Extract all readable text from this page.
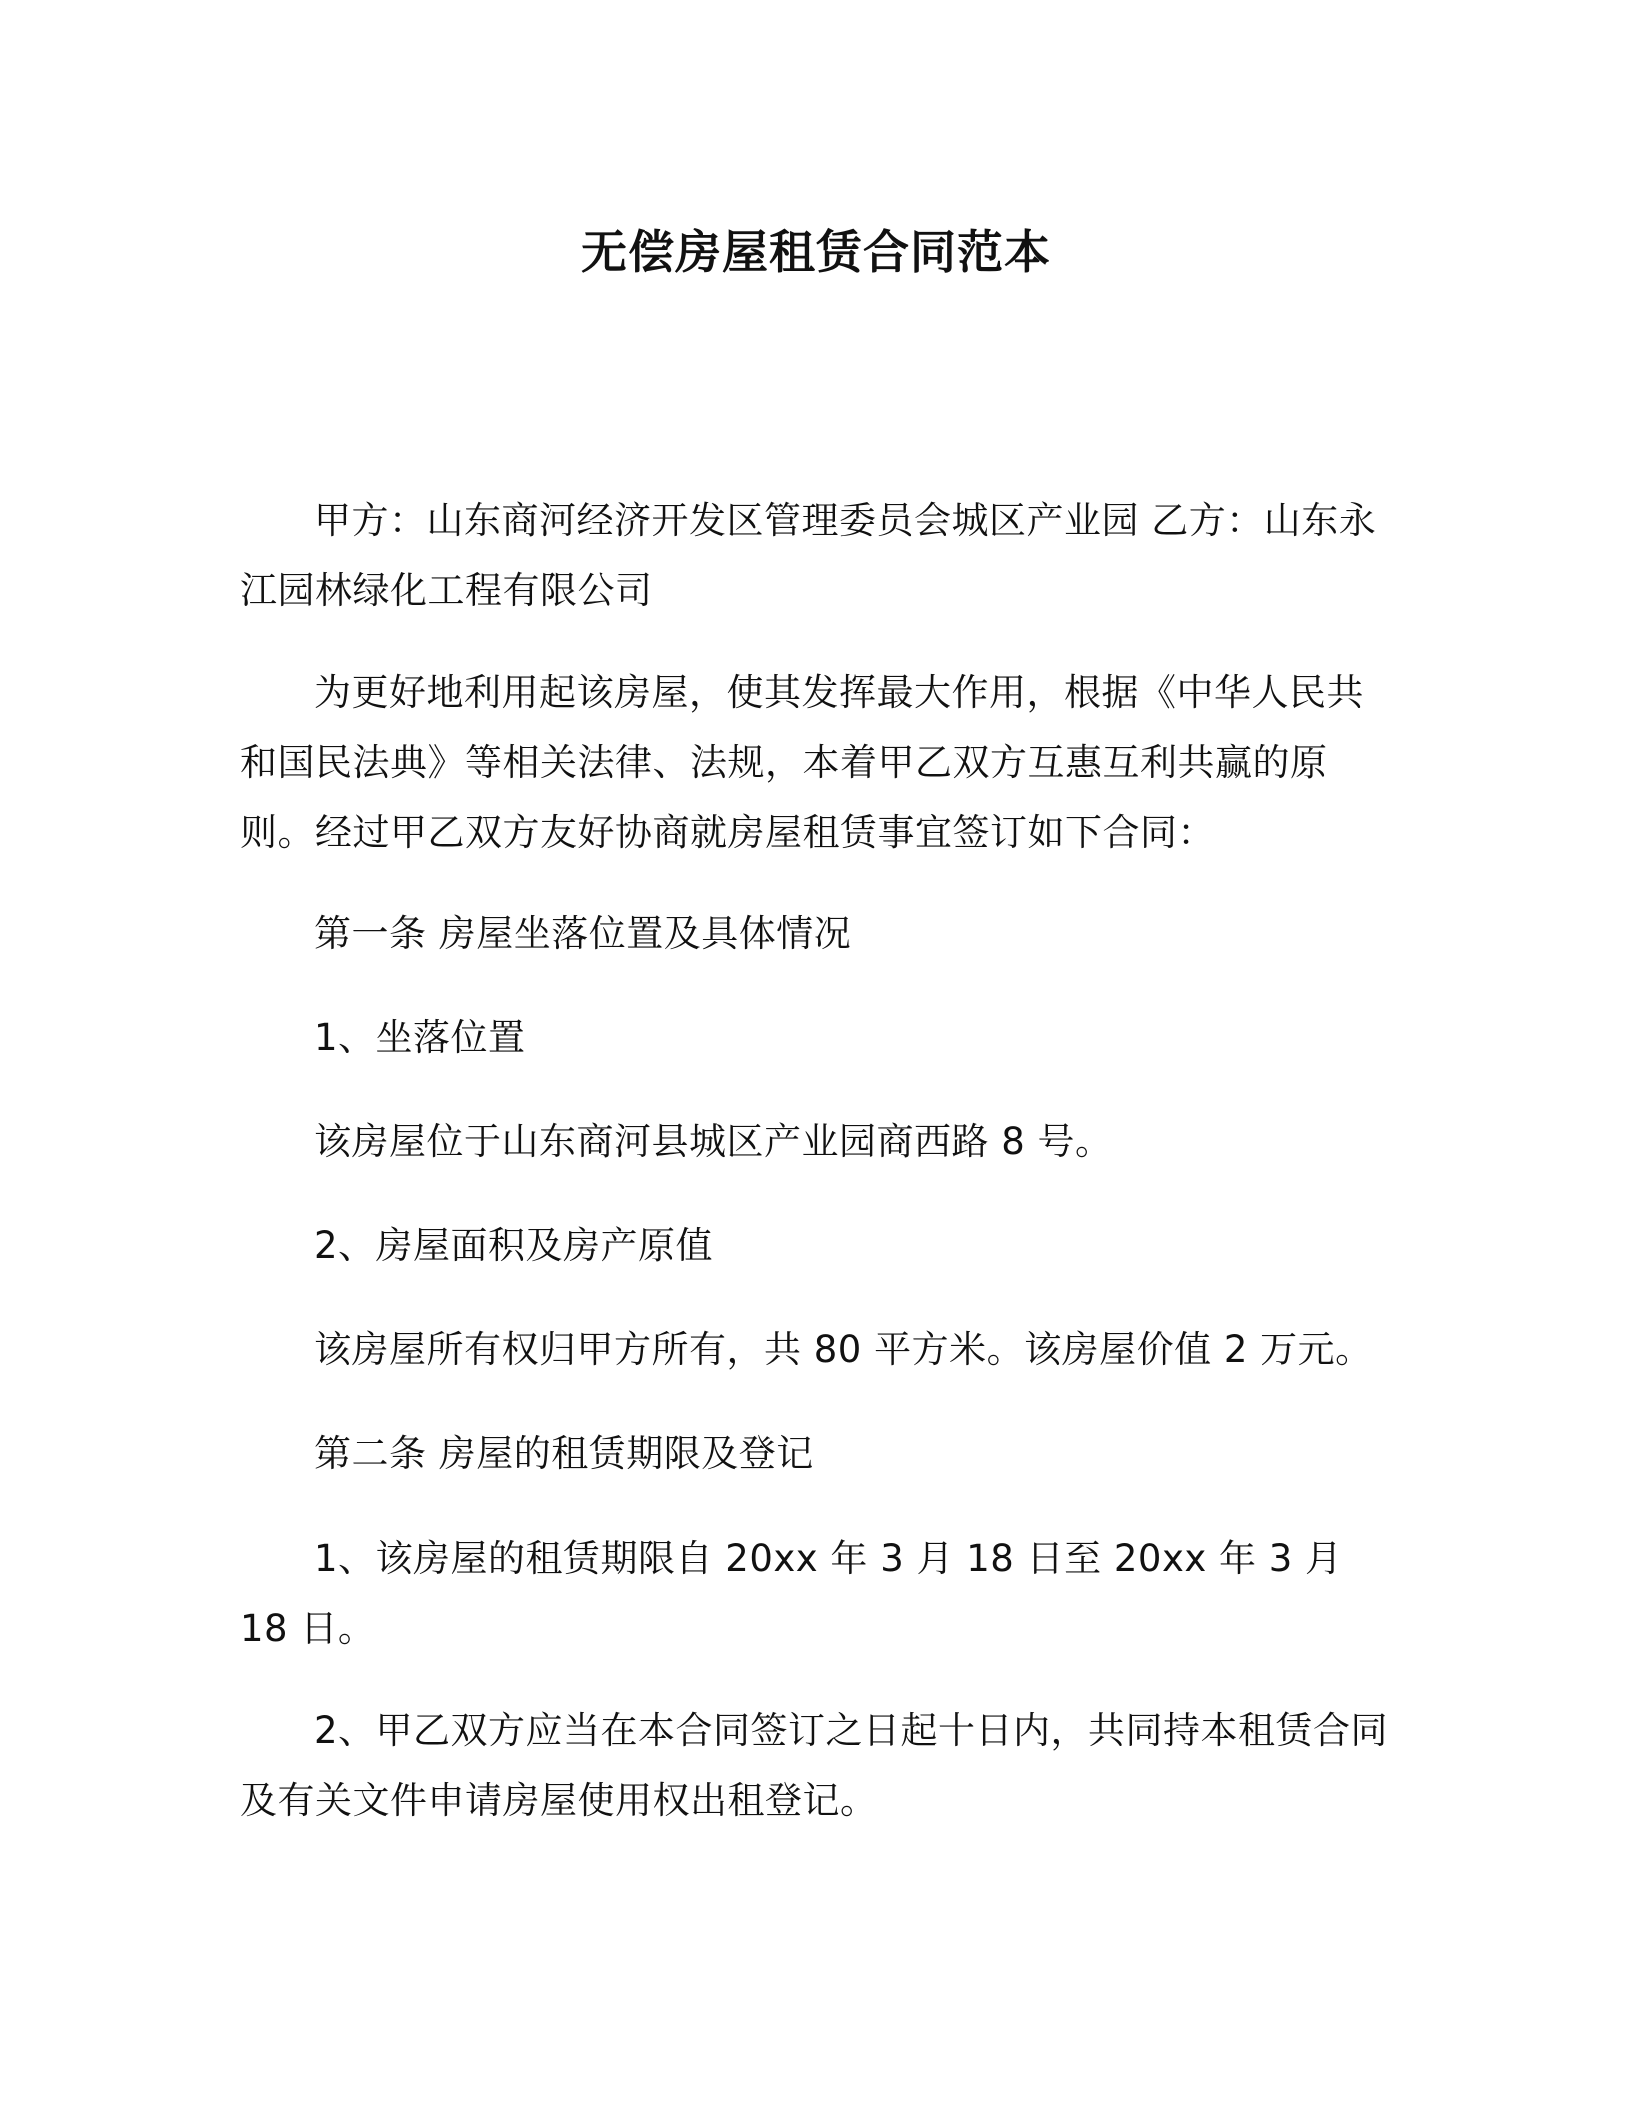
无偿房屋租赁合同范本

甲方：山东商河经济开发区管理委员会城区产业园 乙方：山东永江园林绿化工程有限公司

为更好地利用起该房屋，使其发挥最大作用，根据《中华人民共和国民法典》等相关法律、法规，本着甲乙双方互惠互利共赢的原则。经过甲乙双方友好协商就房屋租赁事宜签订如下合同：

第一条 房屋坐落位置及具体情况

1、坐落位置

该房屋位于山东商河县城区产业园商西路 8 号。

2、房屋面积及房产原值

该房屋所有权归甲方所有，共 80 平方米。该房屋价值 2 万元。

第二条 房屋的租赁期限及登记

1、该房屋的租赁期限自 20xx 年 3 月 18 日至 20xx 年 3 月 18 日。

2、甲乙双方应当在本合同签订之日起十日内，共同持本租赁合同及有关文件申请房屋使用权出租登记。
